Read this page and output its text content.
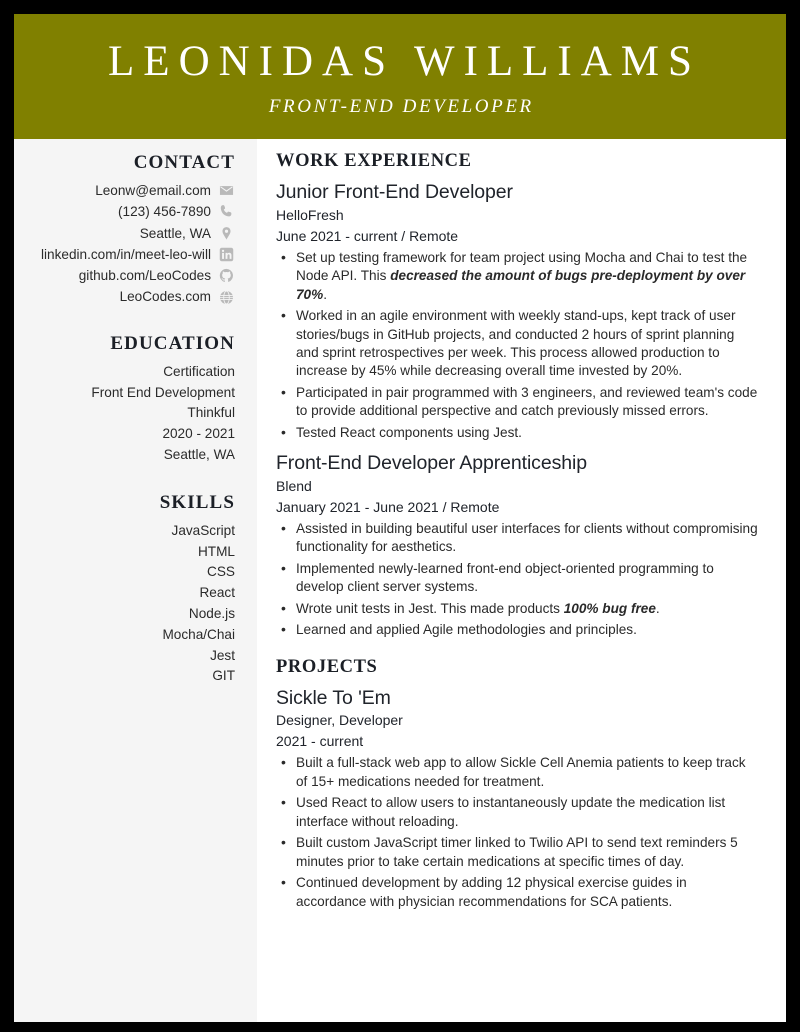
LEONIDAS WILLIAMS
FRONT-END DEVELOPER
CONTACT
Leonw@email.com
(123) 456-7890
Seattle, WA
linkedin.com/in/meet-leo-will
github.com/LeoCodes
LeoCodes.com
EDUCATION
Certification
Front End Development
Thinkful
2020 - 2021
Seattle, WA
SKILLS
JavaScript
HTML
CSS
React
Node.js
Mocha/Chai
Jest
GIT
WORK EXPERIENCE
Junior Front-End Developer
HelloFresh
June 2021 - current / Remote
• Set up testing framework for team project using Mocha and Chai to test the Node API. This decreased the amount of bugs pre-deployment by over 70%.
• Worked in an agile environment with weekly stand-ups, kept track of user stories/bugs in GitHub projects, and conducted 2 hours of sprint planning and sprint retrospectives per week. This process allowed production to increase by 45% while decreasing overall time invested by 20%.
• Participated in pair programmed with 3 engineers, and reviewed team's code to provide additional perspective and catch previously missed errors.
• Tested React components using Jest.
Front-End Developer Apprenticeship
Blend
January 2021 - June 2021 / Remote
• Assisted in building beautiful user interfaces for clients without compromising functionality for aesthetics.
• Implemented newly-learned front-end object-oriented programming to develop client server systems.
• Wrote unit tests in Jest. This made products 100% bug free.
• Learned and applied Agile methodologies and principles.
PROJECTS
Sickle To 'Em
Designer, Developer
2021 - current
• Built a full-stack web app to allow Sickle Cell Anemia patients to keep track of 15+ medications needed for treatment.
• Used React to allow users to instantaneously update the medication list interface without reloading.
• Built custom JavaScript timer linked to Twilio API to send text reminders 5 minutes prior to take certain medications at specific times of day.
• Continued development by adding 12 physical exercise guides in accordance with physician recommendations for SCA patients.
